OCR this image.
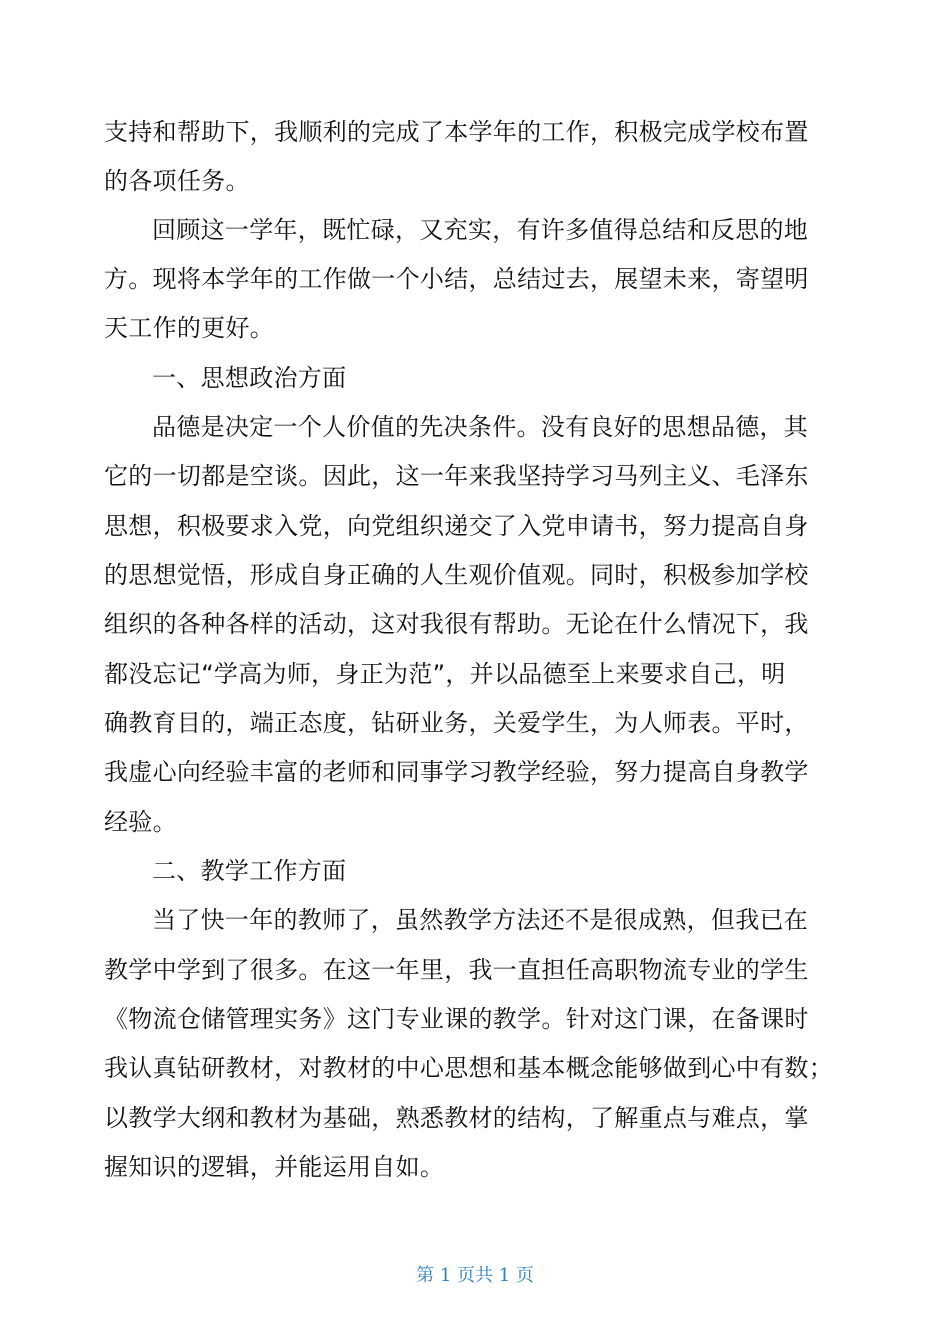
支持和帮助下，我顺利的完成了本学年的工作，积极完成学校布置
的各项任务。
回顾这一学年，既忙碌，又充实，有许多值得总结和反思的地
方。现将本学年的工作做一个小结，总结过去，展望未来，寄望明
天工作的更好。
一、思想政治方面
品德是决定一个人价值的先决条件。没有良好的思想品德，其
它的一切都是空谈。因此，这一年来我坚持学习马列主义、毛泽东
思想，积极要求入党，向党组织递交了入党申请书，努力提高自身
的思想觉悟，形成自身正确的人生观价值观。同时，积极参加学校
组织的各种各样的活动，这对我很有帮助。无论在什么情况下，我
都没忘记“学高为师，身正为范”，并以品德至上来要求自己，明
确教育目的，端正态度，钻研业务，关爱学生，为人师表。平时，
我虚心向经验丰富的老师和同事学习教学经验，努力提高自身教学
经验。
二、教学工作方面
当了快一年的教师了，虽然教学方法还不是很成熟，但我已在
教学中学到了很多。在这一年里，我一直担任高职物流专业的学生
《物流仓储管理实务》这门专业课的教学。针对这门课，在备课时
我认真钻研教材，对教材的中心思想和基本概念能够做到心中有数；
以教学大纲和教材为基础，熟悉教材的结构，了解重点与难点，掌
握知识的逻辑，并能运用自如。
第 1 页共 1 页
